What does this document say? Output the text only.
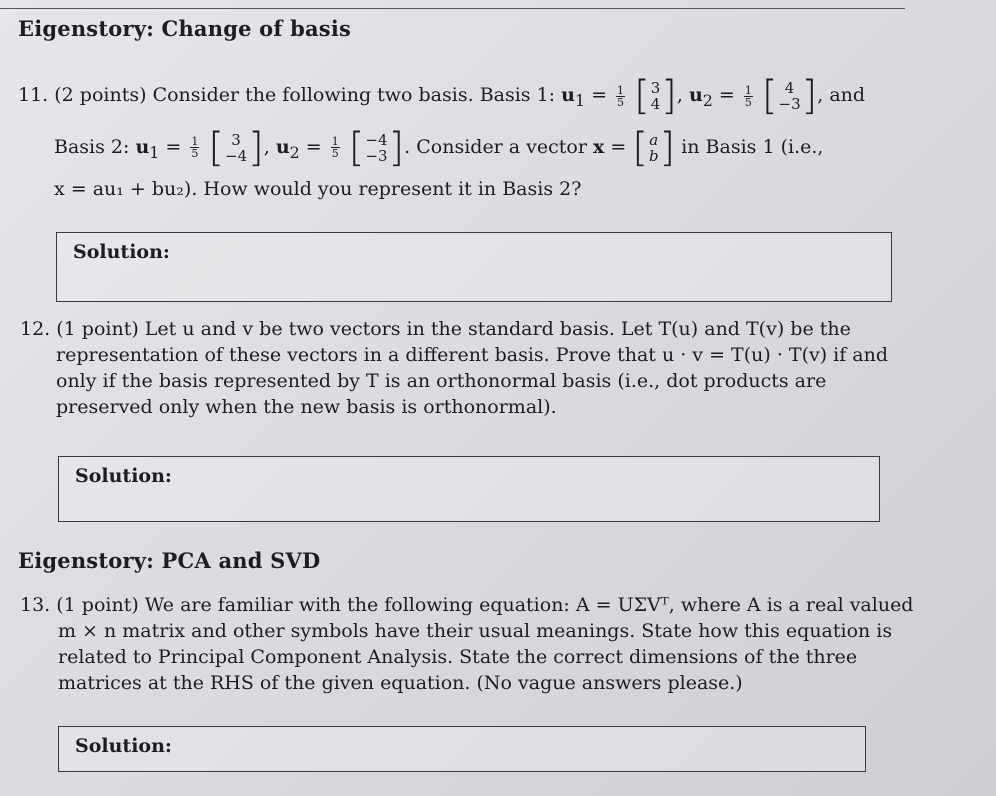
Eigenstory: Change of basis
11. (2 points) Consider the following two basis. Basis 1: $u_1 = \frac{1}{5}$
[ 3
4 ] , $u_2 = \frac{1}{5}$
[ 4
−3 ] , and
Basis 2: $u_1 = \frac{1}{5}$
[ 3
−4 ] , $u_2 = \frac{1}{5}$
[ −4
−3 ] . Consider a vector x = [ a
b ] in Basis 1 (i.e.,
x = au₁ + bu₂). How would you represent it in Basis 2?
Solution:
12. (1 point) Let u and v be two vectors in the standard basis. Let T(u) and T(v) be the representation of these vectors in a different basis. Prove that u · v = T(u) · T(v) if and only if the basis represented by T is an orthonormal basis (i.e., dot products are preserved only when the new basis is orthonormal).
Solution:
Eigenstory: PCA and SVD
13. (1 point) We are familiar with the following equation: A = UΣVᵀ, where A is a real valued m × n matrix and other symbols have their usual meanings. State how this equation is related to Principal Component Analysis. State the correct dimensions of the three matrices at the RHS of the given equation. (No vague answers please.)
Solution:
